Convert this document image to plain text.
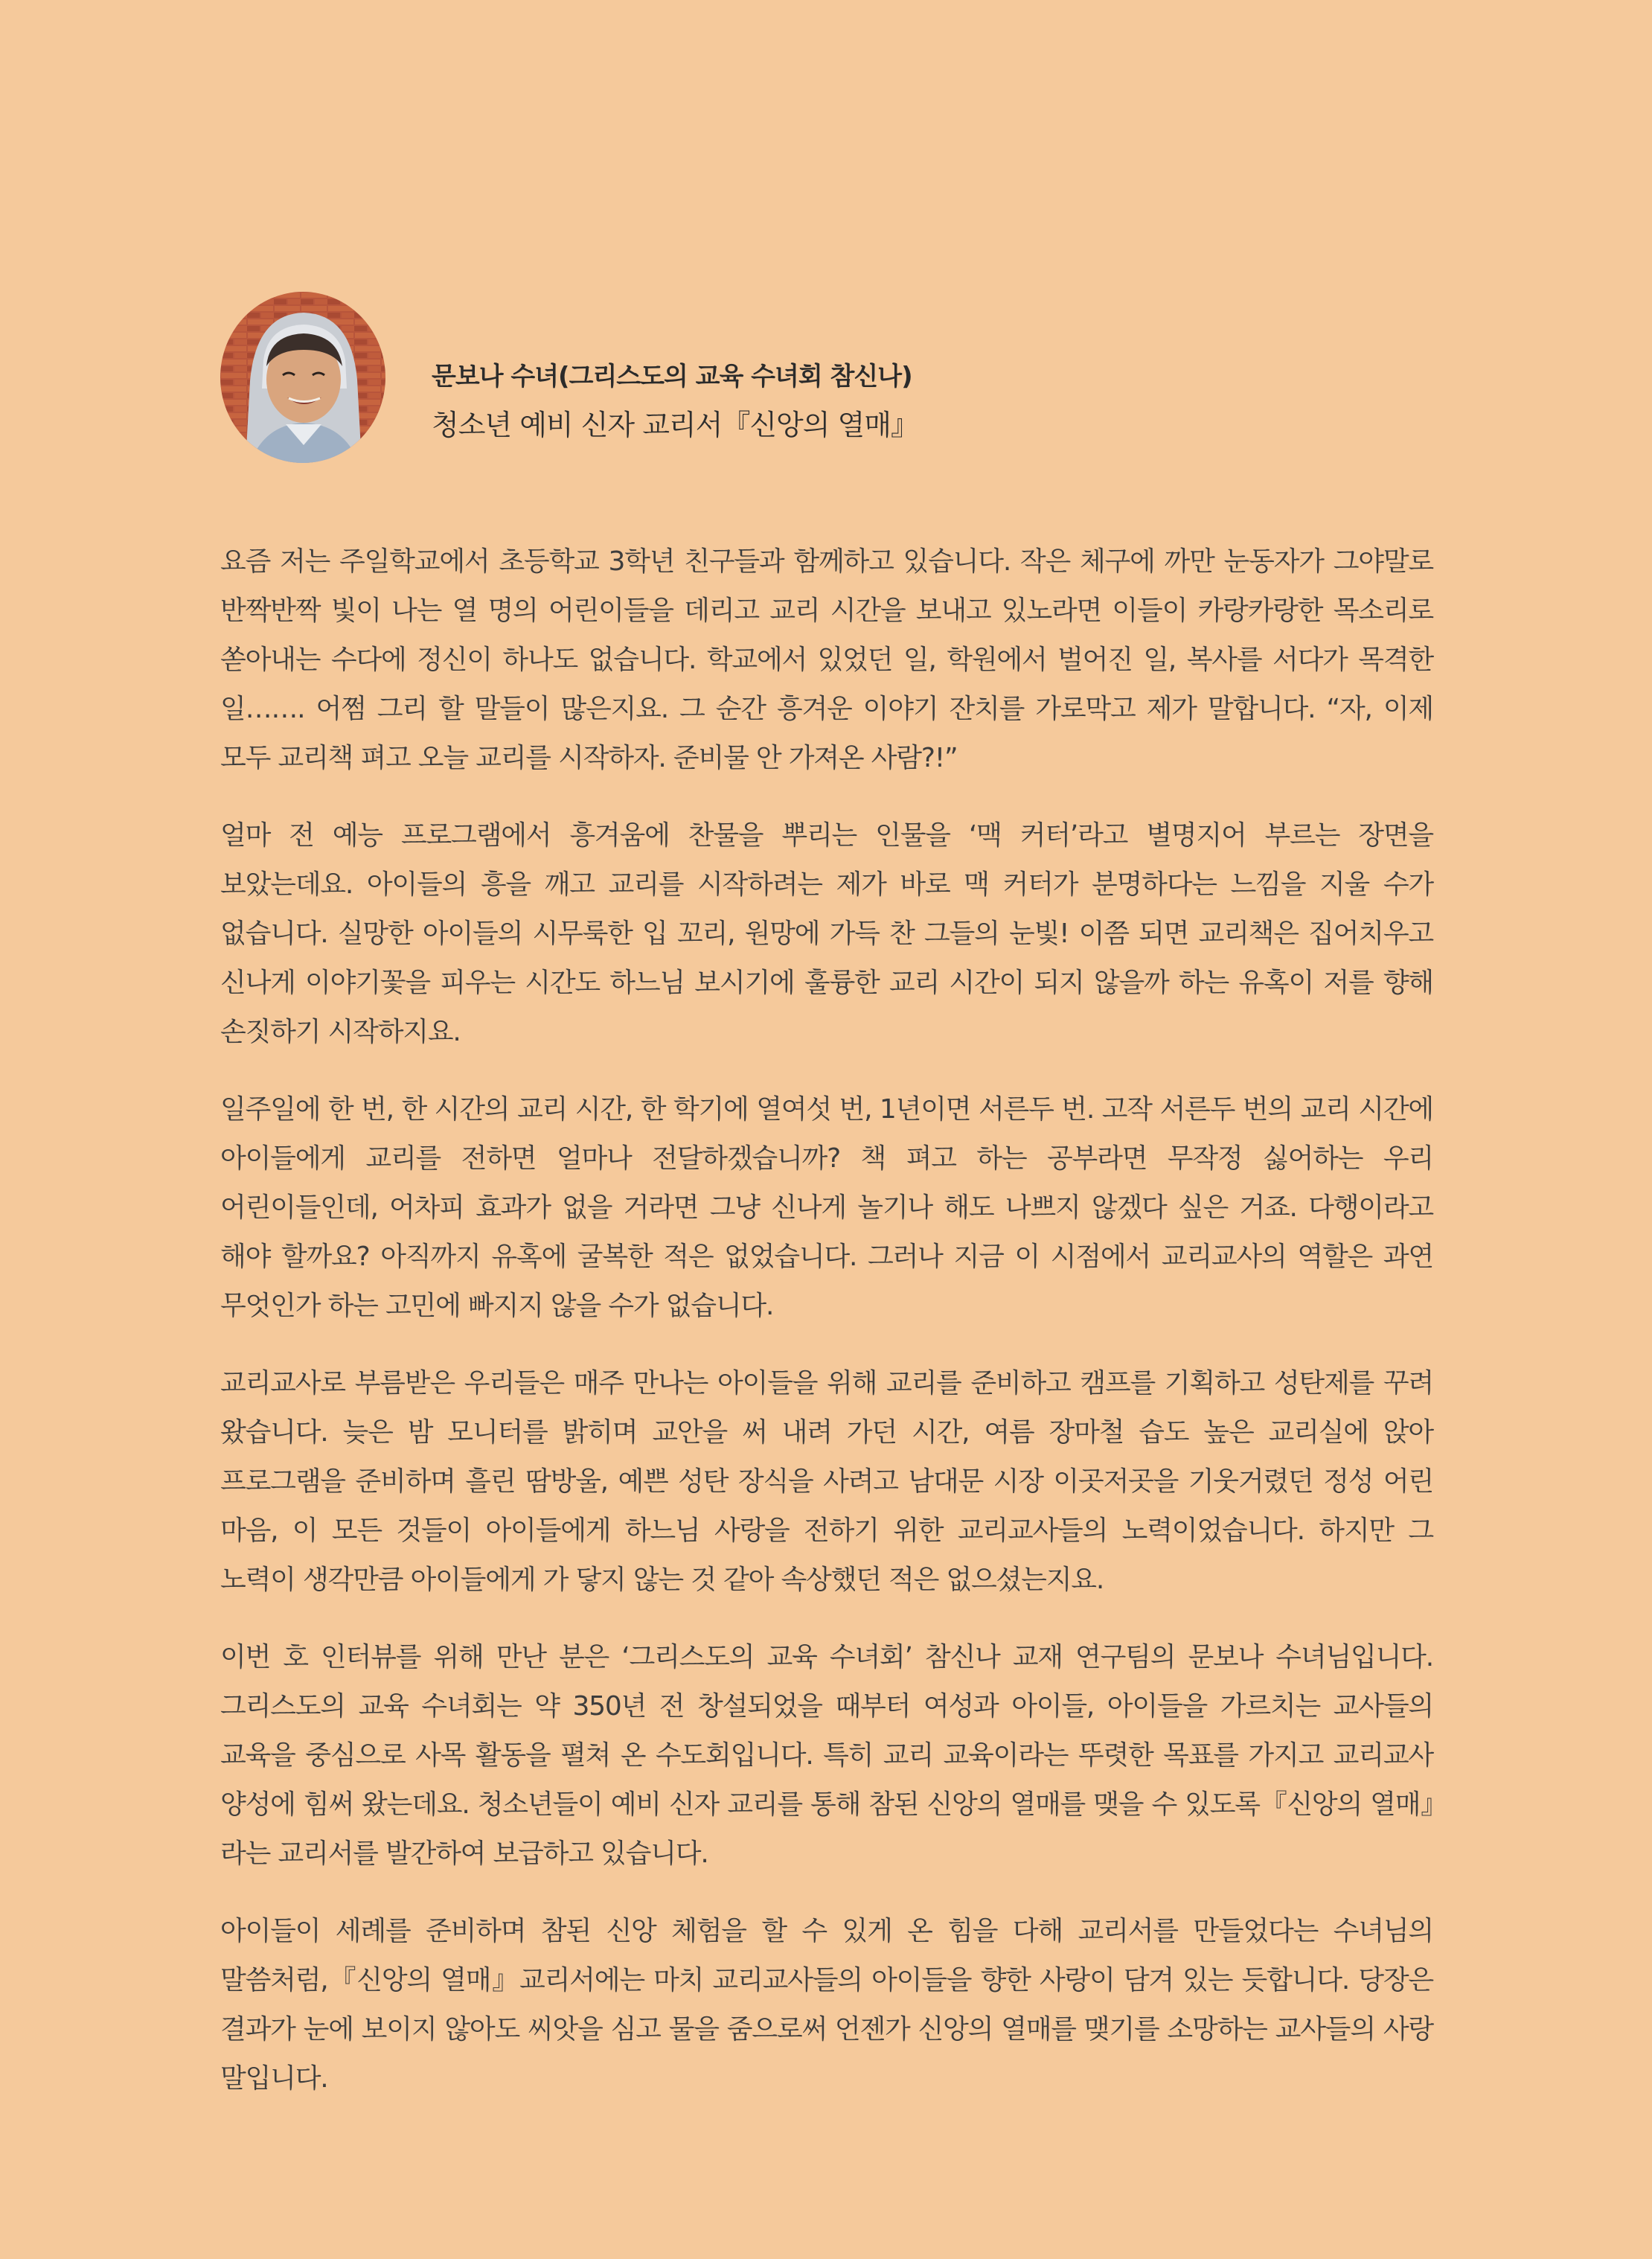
문보나 수녀(그리스도의 교육 수녀회 참신나)
청소년 예비 신자 교리서『신앙의 열매』

요즘 저는 주일학교에서 초등학교 3학년 친구들과 함께하고 있습니다. 작은 체구에 까만 눈동자가 그야말로 반짝반짝 빛이 나는 열 명의 어린이들을 데리고 교리 시간을 보내고 있노라면 이들이 카랑카랑한 목소리로 쏟아내는 수다에 정신이 하나도 없습니다. 학교에서 있었던 일, 학원에서 벌어진 일, 복사를 서다가 목격한 일……. 어쩜 그리 할 말들이 많은지요. 그 순간 흥겨운 이야기 잔치를 가로막고 제가 말합니다. “자, 이제 모두 교리책 펴고 오늘 교리를 시작하자. 준비물 안 가져온 사람?!”

얼마 전 예능 프로그램에서 흥겨움에 찬물을 뿌리는 인물을 ‘맥 커터’라고 별명지어 부르는 장면을 보았는데요. 아이들의 흥을 깨고 교리를 시작하려는 제가 바로 맥 커터가 분명하다는 느낌을 지울 수가 없습니다. 실망한 아이들의 시무룩한 입 꼬리, 원망에 가득 찬 그들의 눈빛! 이쯤 되면 교리책은 집어치우고 신나게 이야기꽃을 피우는 시간도 하느님 보시기에 훌륭한 교리 시간이 되지 않을까 하는 유혹이 저를 향해 손짓하기 시작하지요.

일주일에 한 번, 한 시간의 교리 시간, 한 학기에 열여섯 번, 1년이면 서른두 번. 고작 서른두 번의 교리 시간에 아이들에게 교리를 전하면 얼마나 전달하겠습니까? 책 펴고 하는 공부라면 무작정 싫어하는 우리 어린이들인데, 어차피 효과가 없을 거라면 그냥 신나게 놀기나 해도 나쁘지 않겠다 싶은 거죠. 다행이라고 해야 할까요? 아직까지 유혹에 굴복한 적은 없었습니다. 그러나 지금 이 시점에서 교리교사의 역할은 과연 무엇인가 하는 고민에 빠지지 않을 수가 없습니다.

교리교사로 부름받은 우리들은 매주 만나는 아이들을 위해 교리를 준비하고 캠프를 기획하고 성탄제를 꾸려 왔습니다. 늦은 밤 모니터를 밝히며 교안을 써 내려 가던 시간, 여름 장마철 습도 높은 교리실에 앉아 프로그램을 준비하며 흘린 땀방울, 예쁜 성탄 장식을 사려고 남대문 시장 이곳저곳을 기웃거렸던 정성 어린 마음, 이 모든 것들이 아이들에게 하느님 사랑을 전하기 위한 교리교사들의 노력이었습니다. 하지만 그 노력이 생각만큼 아이들에게 가 닿지 않는 것 같아 속상했던 적은 없으셨는지요.

이번 호 인터뷰를 위해 만난 분은 ‘그리스도의 교육 수녀회’ 참신나 교재 연구팀의 문보나 수녀님입니다. 그리스도의 교육 수녀회는 약 350년 전 창설되었을 때부터 여성과 아이들, 아이들을 가르치는 교사들의 교육을 중심으로 사목 활동을 펼쳐 온 수도회입니다. 특히 교리 교육이라는 뚜렷한 목표를 가지고 교리교사 양성에 힘써 왔는데요. 청소년들이 예비 신자 교리를 통해 참된 신앙의 열매를 맺을 수 있도록『신앙의 열매』라는 교리서를 발간하여 보급하고 있습니다.

아이들이 세례를 준비하며 참된 신앙 체험을 할 수 있게 온 힘을 다해 교리서를 만들었다는 수녀님의 말씀처럼,『신앙의 열매』교리서에는 마치 교리교사들의 아이들을 향한 사랑이 담겨 있는 듯합니다. 당장은 결과가 눈에 보이지 않아도 씨앗을 심고 물을 줌으로써 언젠가 신앙의 열매를 맺기를 소망하는 교사들의 사랑 말입니다.
